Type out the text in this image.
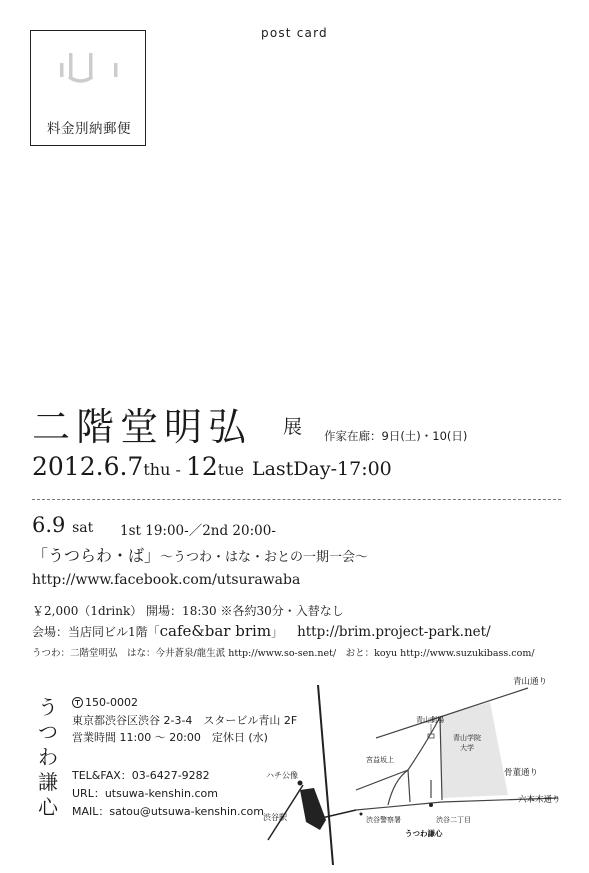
料金別納郵便
post card
二階堂明弘 展 作家在廊：9日(土)・10(日)
2012.6.7thu - 12tue LastDay-17:00
6.9 sat 1st 19:00-／2nd 20:00-
「うつらわ・ば」～うつわ・はな・おとの一期一会～
http://www.facebook.com/utsurawaba
￥2,000（1drink） 開場：18:30 ※各約30分・入替なし
会場：当店同ビル1階「cafe&bar brim」 http://brim.project-park.net/
うつわ：二階堂明弘　はな：今井蒼泉/龍生派 http://www.so-sen.net/　おと：koyu http://www.suzukibass.com/
う
つ
わ
謙
心
150-0002
東京都渋谷区渋谷 2-3-4　スタービル青山 2F
営業時間 11:00 ～ 20:00　定休日 (水)
TEL&FAX：03-6427-9282
URL：utsuwa-kenshin.com
MAIL：satou@utsuwa-kenshin.com
青山通り
青山劇場
青山学院
大学
骨董通り
宮益坂上
ハチ公像
渋谷駅
六本木通り
渋谷警察署	渋谷二丁目
うつわ謙心
